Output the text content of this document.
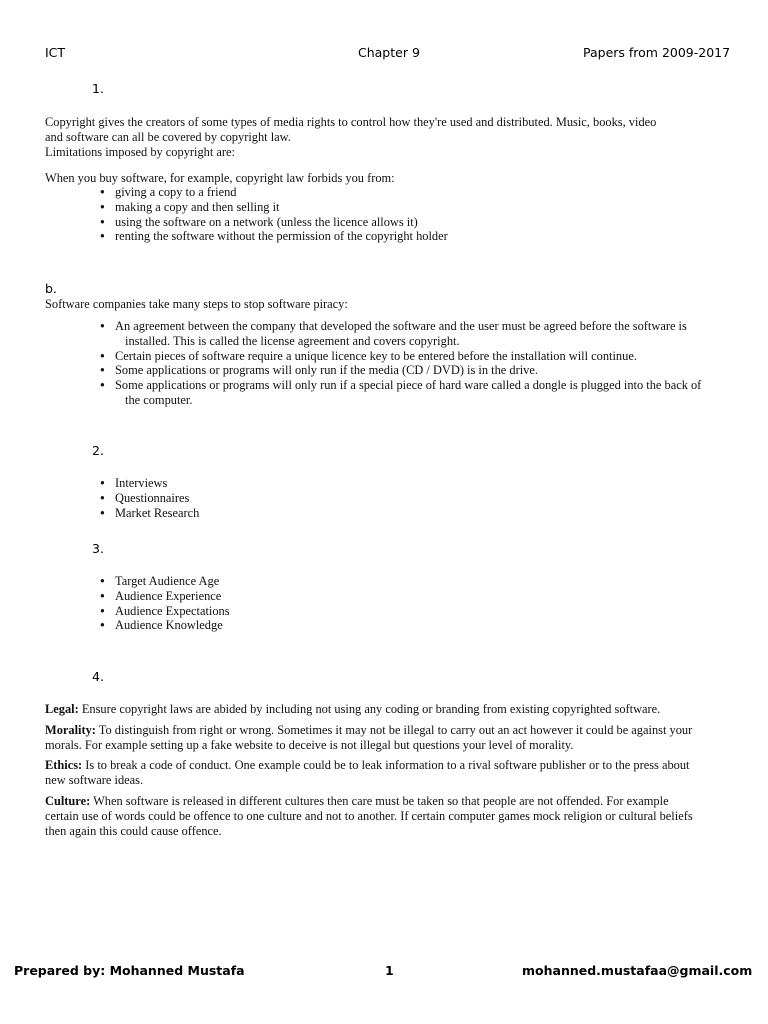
ICT	Chapter 9	Papers from 2009-2017
1.
Copyright gives the creators of some types of media rights to control how they're used and distributed. Music, books, video
and software can all be covered by copyright law.
Limitations imposed by copyright are:
When you buy software, for example, copyright law forbids you from:
● giving a copy to a friend
● making a copy and then selling it
● using the software on a network (unless the licence allows it)
● renting the software without the permission of the copyright holder
b.
Software companies take many steps to stop software piracy:
● An agreement between the company that developed the software and the user must be agreed before the software is
installed. This is called the license agreement and covers copyright.
● Certain pieces of software require a unique licence key to be entered before the installation will continue.
● Some applications or programs will only run if the media (CD / DVD) is in the drive.
● Some applications or programs will only run if a special piece of hard ware called a dongle is plugged into the back of
the computer.
2.
● Interviews
● Questionnaires
● Market Research
3.
● Target Audience Age
● Audience Experience
● Audience Expectations
● Audience Knowledge
4.
Legal: Ensure copyright laws are abided by including not using any coding or branding from existing copyrighted software.
Morality: To distinguish from right or wrong. Sometimes it may not be illegal to carry out an act however it could be against your
morals. For example setting up a fake website to deceive is not illegal but questions your level of morality.
Ethics: Is to break a code of conduct. One example could be to leak information to a rival software publisher or to the press about
new software ideas.
Culture: When software is released in different cultures then care must be taken so that people are not offended. For example
certain use of words could be offence to one culture and not to another. If certain computer games mock religion or cultural beliefs
then again this could cause offence.
Prepared by: Mohanned Mustafa	1	mohanned.mustafaa@gmail.com
